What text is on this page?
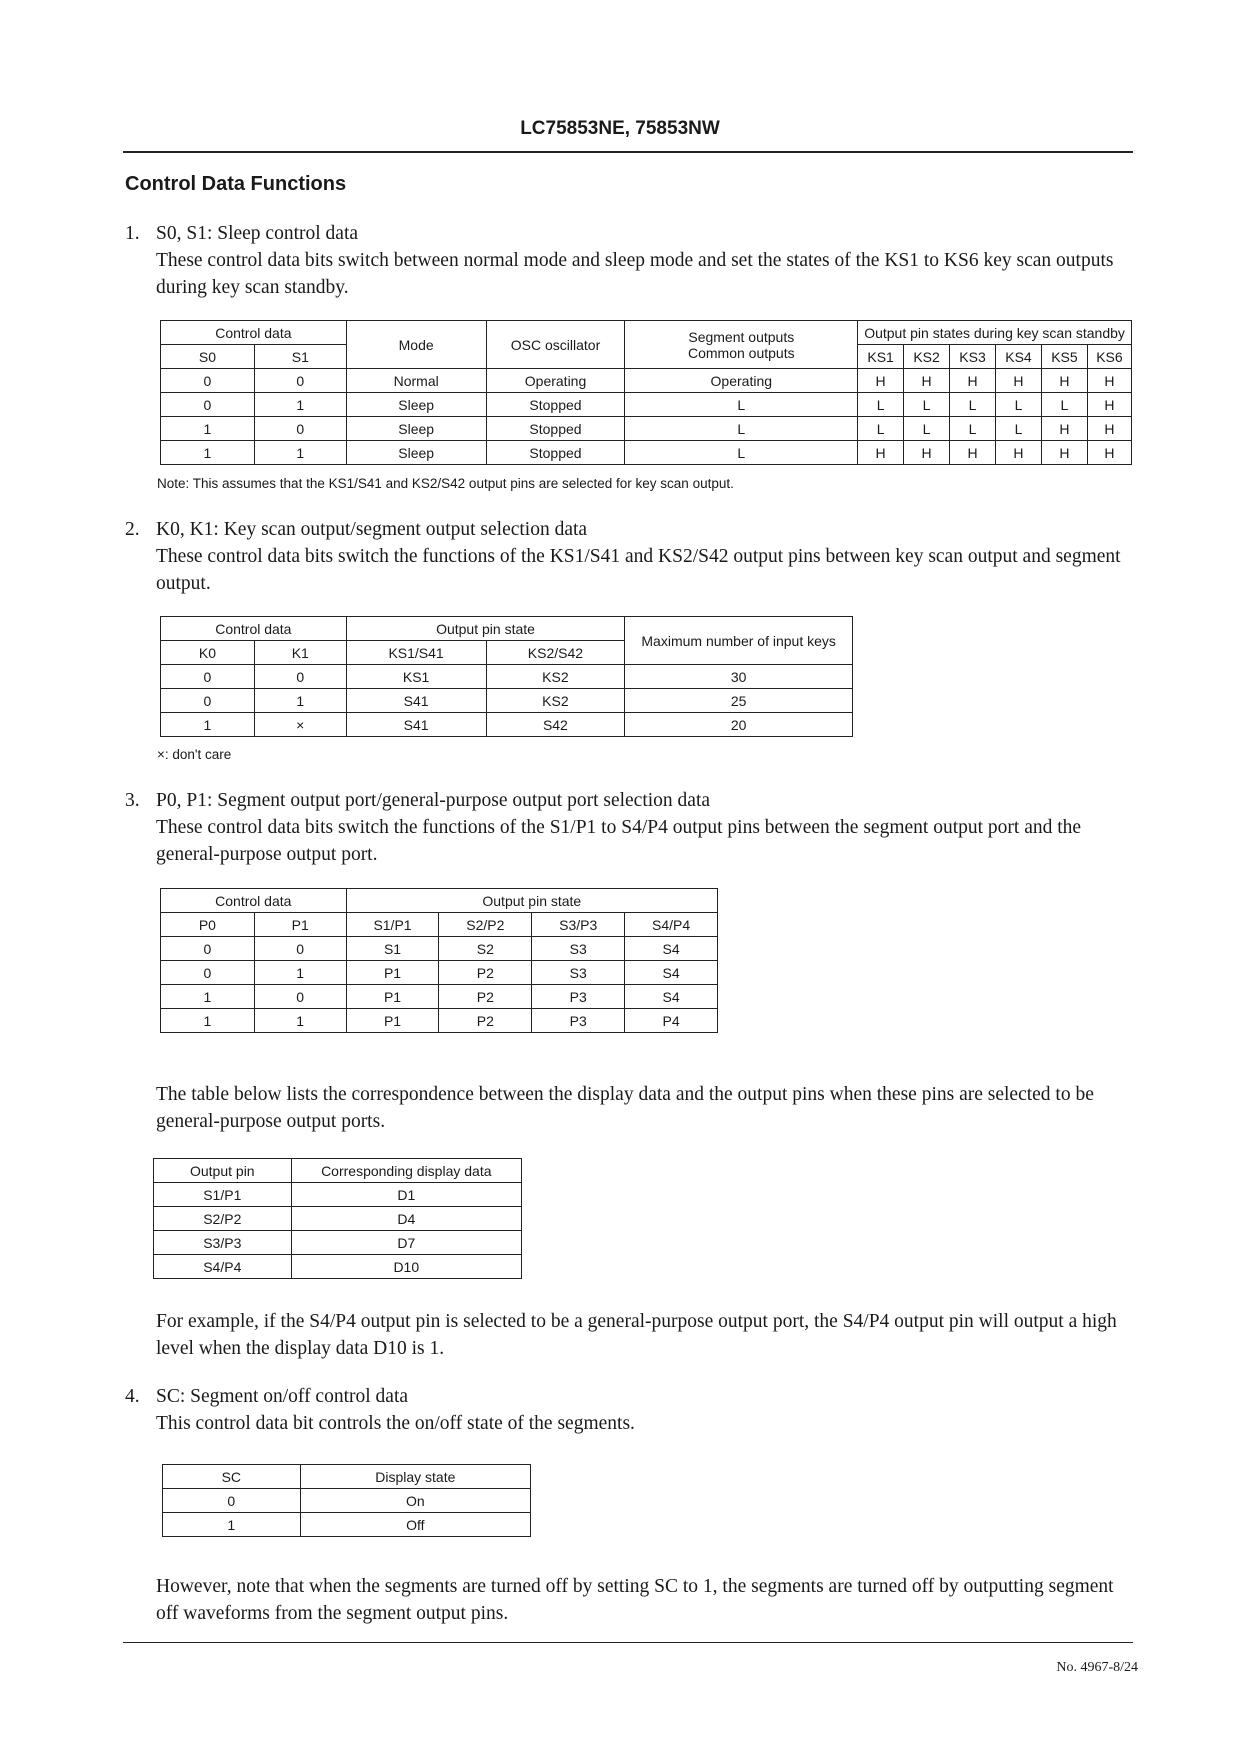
LC75853NE, 75853NW
Control Data Functions
1. S0, S1: Sleep control data
These control data bits switch between normal mode and sleep mode and set the states of the KS1 to KS6 key scan outputs during key scan standby.
Control data		Mode	OSC oscillator	Segment outputs
Common outputs	Output pin states during key scan standby					
S0	S1				KS1	KS2	KS3	KS4	KS5	KS6
0	0	Normal	Operating	Operating	H	H	H	H	H	H
0	1	Sleep	Stopped	L	L	L	L	L	L	H
1	0	Sleep	Stopped	L	L	L	L	L	H	H
1	1	Sleep	Stopped	L	H	H	H	H	H	H
Note: This assumes that the KS1/S41 and KS2/S42 output pins are selected for key scan output.
2. K0, K1: Key scan output/segment output selection data
These control data bits switch the functions of the KS1/S41 and KS2/S42 output pins between key scan output and segment output.
Control data		Output pin state		Maximum number of input keys
K0	K1	KS1/S41	KS2/S42	
0	0	KS1	KS2	30
0	1	S41	KS2	25
1	×	S41	S42	20
×: don't care
3. P0, P1: Segment output port/general-purpose output port selection data
These control data bits switch the functions of the S1/P1 to S4/P4 output pins between the segment output port and the general-purpose output port.
Control data		Output pin state			
P0	P1	S1/P1	S2/P2	S3/P3	S4/P4
0	0	S1	S2	S3	S4
0	1	P1	P2	S3	S4
1	0	P1	P2	P3	S4
1	1	P1	P2	P3	P4
The table below lists the correspondence between the display data and the output pins when these pins are selected to be general-purpose output ports.
Output pin	Corresponding display data
S1/P1	D1
S2/P2	D4
S3/P3	D7
S4/P4	D10
For example, if the S4/P4 output pin is selected to be a general-purpose output port, the S4/P4 output pin will output a high level when the display data D10 is 1.
4. SC: Segment on/off control data
This control data bit controls the on/off state of the segments.
SC	Display state
0	On
1	Off
However, note that when the segments are turned off by setting SC to 1, the segments are turned off by outputting segment off waveforms from the segment output pins.
No. 4967-8/24
